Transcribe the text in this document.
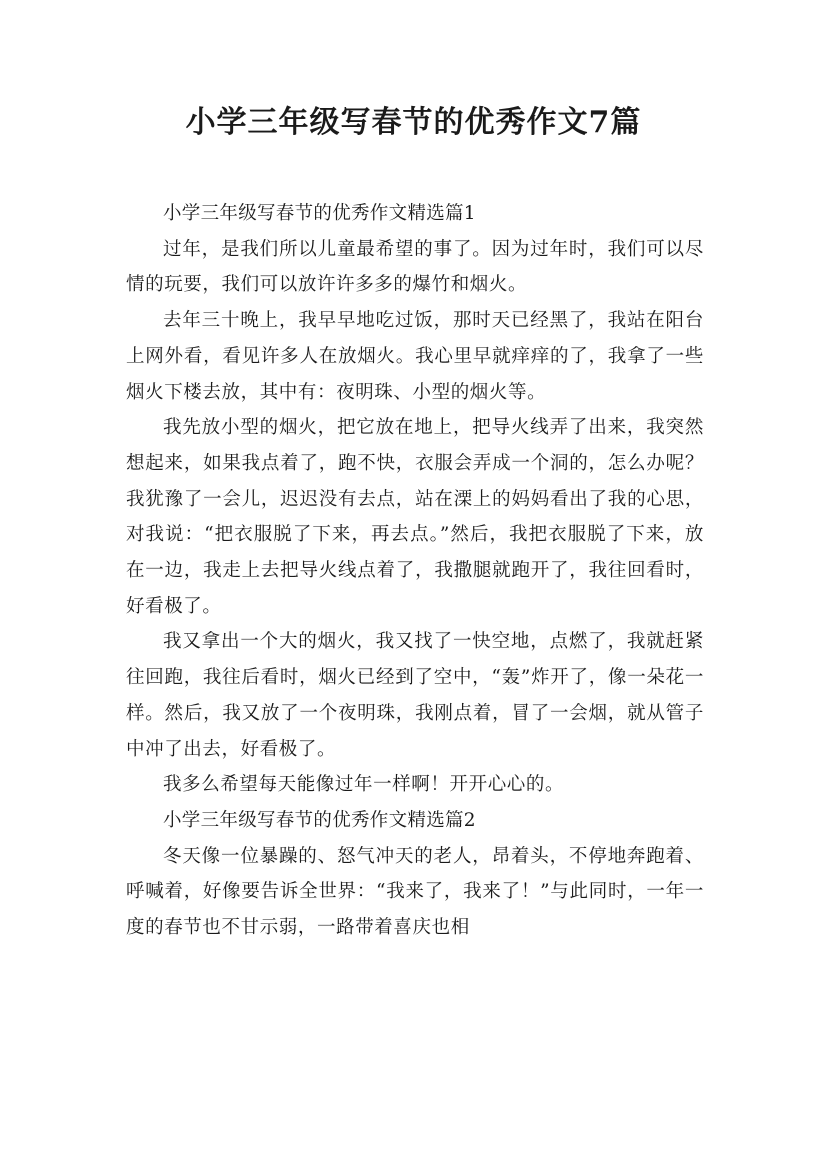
小学三年级写春节的优秀作文7篇

小学三年级写春节的优秀作文精选篇1

过年，是我们所以儿童最希望的事了。因为过年时，我们可以尽情的玩要，我们可以放许许多多的爆竹和烟火。

去年三十晚上，我早早地吃过饭，那时天已经黑了，我站在阳台上网外看，看见许多人在放烟火。我心里早就痒痒的了，我拿了一些烟火下楼去放，其中有：夜明珠、小型的烟火等。

我先放小型的烟火，把它放在地上，把导火线弄了出来，我突然想起来，如果我点着了，跑不快，衣服会弄成一个洞的，怎么办呢？我犹豫了一会儿，迟迟没有去点，站在溧上的妈妈看出了我的心思，对我说：“把衣服脱了下来，再去点。”然后，我把衣服脱了下来，放在一边，我走上去把导火线点着了，我撒腿就跑开了，我往回看时，好看极了。

我又拿出一个大的烟火，我又找了一快空地，点燃了，我就赶紧往回跑，我往后看时，烟火已经到了空中，“轰”炸开了，像一朵花一样。然后，我又放了一个夜明珠，我刚点着，冒了一会烟，就从管子中冲了出去，好看极了。

我多么希望每天能像过年一样啊！开开心心的。

小学三年级写春节的优秀作文精选篇2

冬天像一位暴躁的、怒气冲天的老人，昂着头，不停地奔跑着、呼喊着，好像要告诉全世界：“我来了，我来了！”与此同时，一年一度的春节也不甘示弱，一路带着喜庆也相
